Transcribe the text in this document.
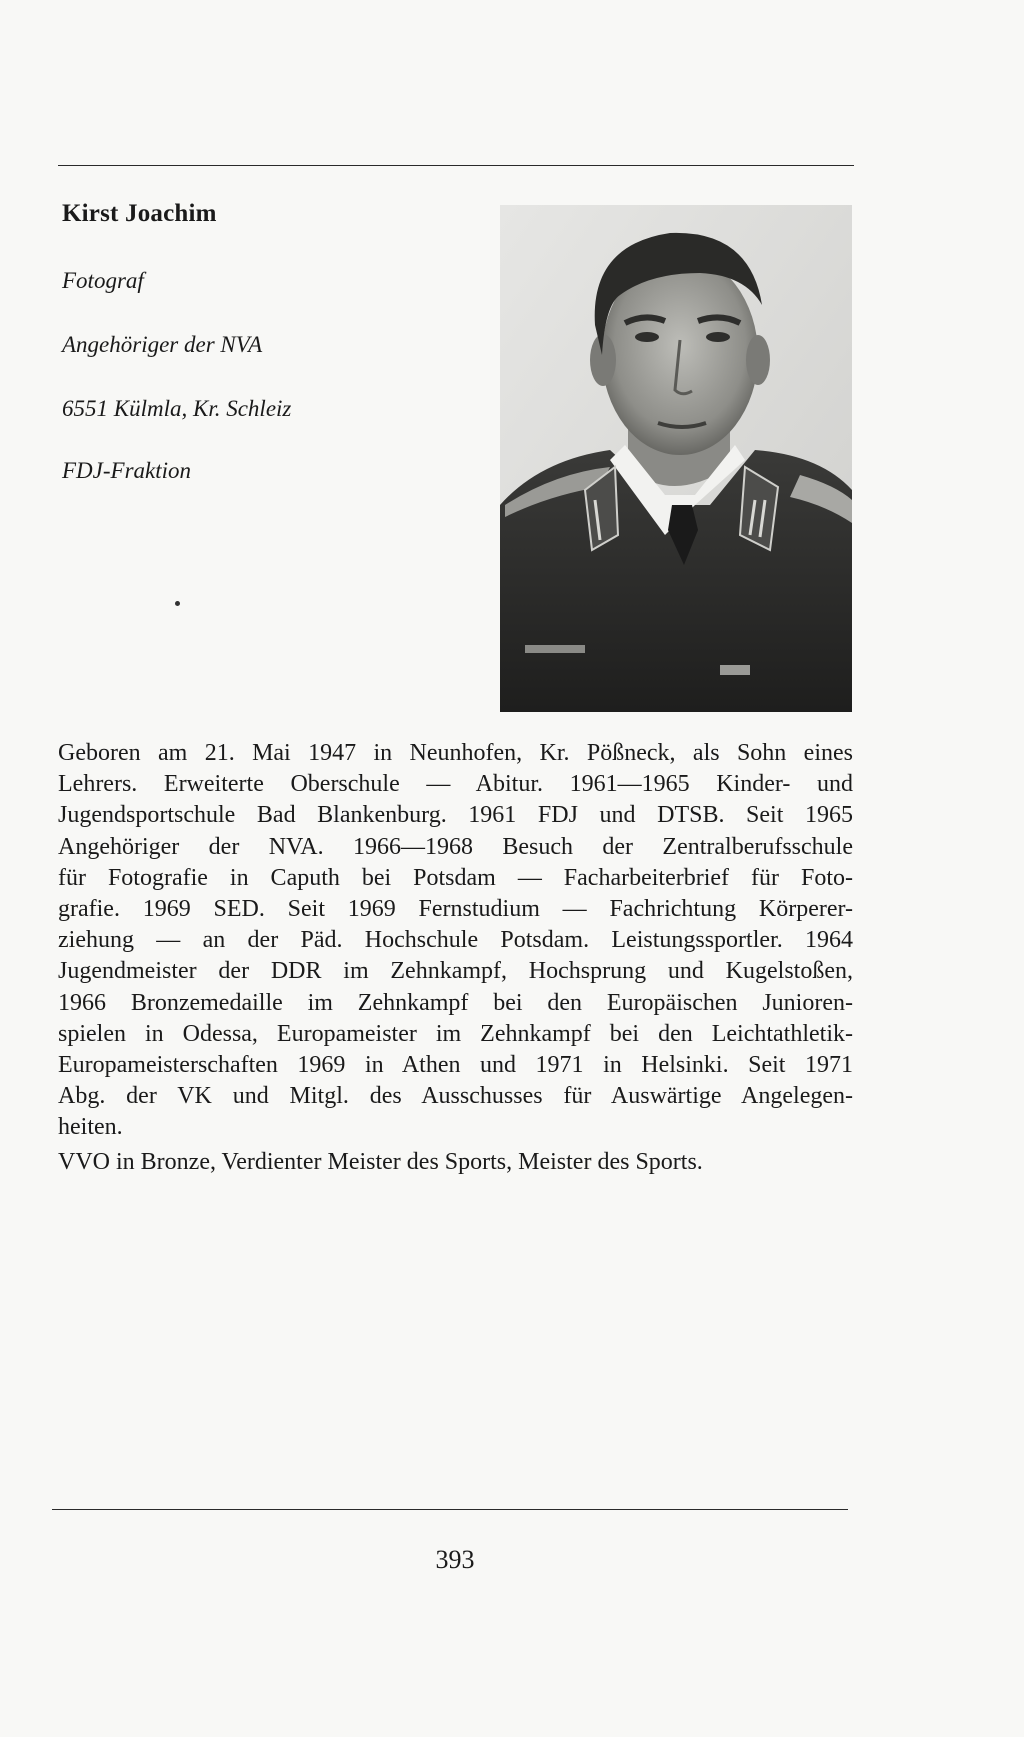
Kirst Joachim
Fotograf
Angehöriger der NVA
6551 Külmla, Kr. Schleiz
FDJ-Fraktion
Geboren am 21. Mai 1947 in Neunhofen, Kr. Pößneck, als Sohn eines
Lehrers. Erweiterte Oberschule — Abitur. 1961—1965 Kinder- und
Jugendsportschule Bad Blankenburg. 1961 FDJ und DTSB. Seit 1965
Angehöriger der NVA. 1966—1968 Besuch der Zentralberufsschule
für Fotografie in Caputh bei Potsdam — Facharbeiterbrief für Foto-
grafie. 1969 SED. Seit 1969 Fernstudium — Fachrichtung Körperer-
ziehung — an der Päd. Hochschule Potsdam. Leistungssportler. 1964
Jugendmeister der DDR im Zehnkampf, Hochsprung und Kugelstoßen,
1966 Bronzemedaille im Zehnkampf bei den Europäischen Junioren-
spielen in Odessa, Europameister im Zehnkampf bei den Leichtathletik-
Europameisterschaften 1969 in Athen und 1971 in Helsinki. Seit 1971
Abg. der VK und Mitgl. des Ausschusses für Auswärtige Angelegen-
heiten.
VVO in Bronze, Verdienter Meister des Sports, Meister des Sports.
393
